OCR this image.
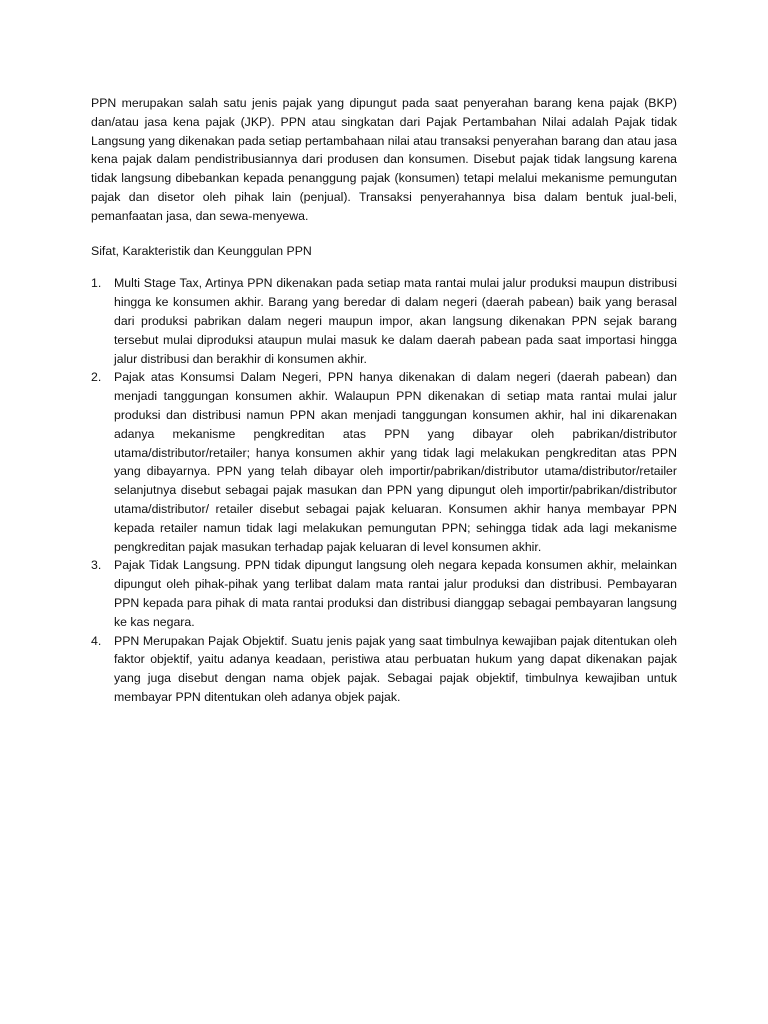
PPN merupakan salah satu jenis pajak yang dipungut pada saat penyerahan barang kena pajak (BKP) dan/atau jasa kena pajak (JKP). PPN atau singkatan dari Pajak Pertambahan Nilai adalah Pajak tidak Langsung yang dikenakan pada setiap pertambahaan nilai atau transaksi penyerahan barang dan atau jasa kena pajak dalam pendistribusiannya dari produsen dan konsumen. Disebut pajak tidak langsung karena tidak langsung dibebankan kepada penanggung pajak (konsumen) tetapi melalui mekanisme pemungutan pajak dan disetor oleh pihak lain (penjual). Transaksi penyerahannya bisa dalam bentuk jual-beli, pemanfaatan jasa, dan sewa-menyewa.

Sifat, Karakteristik dan Keunggulan PPN

1. Multi Stage Tax, Artinya PPN dikenakan pada setiap mata rantai mulai jalur produksi maupun distribusi hingga ke konsumen akhir. Barang yang beredar di dalam negeri (daerah pabean) baik yang berasal dari produksi pabrikan dalam negeri maupun impor, akan langsung dikenakan PPN sejak barang tersebut mulai diproduksi ataupun mulai masuk ke dalam daerah pabean pada saat importasi hingga jalur distribusi dan berakhir di konsumen akhir.
2. Pajak atas Konsumsi Dalam Negeri, PPN hanya dikenakan di dalam negeri (daerah pabean) dan menjadi tanggungan konsumen akhir. Walaupun PPN dikenakan di setiap mata rantai mulai jalur produksi dan distribusi namun PPN akan menjadi tanggungan konsumen akhir, hal ini dikarenakan adanya mekanisme pengkreditan atas PPN yang dibayar oleh pabrikan/distributor utama/distributor/retailer; hanya konsumen akhir yang tidak lagi melakukan pengkreditan atas PPN yang dibayarnya. PPN yang telah dibayar oleh importir/pabrikan/distributor utama/distributor/retailer selanjutnya disebut sebagai pajak masukan dan PPN yang dipungut oleh importir/pabrikan/distributor utama/distributor/ retailer disebut sebagai pajak keluaran. Konsumen akhir hanya membayar PPN kepada retailer namun tidak lagi melakukan pemungutan PPN; sehingga tidak ada lagi mekanisme pengkreditan pajak masukan terhadap pajak keluaran di level konsumen akhir.
3. Pajak Tidak Langsung. PPN tidak dipungut langsung oleh negara kepada konsumen akhir, melainkan dipungut oleh pihak-pihak yang terlibat dalam mata rantai jalur produksi dan distribusi. Pembayaran PPN kepada para pihak di mata rantai produksi dan distribusi dianggap sebagai pembayaran langsung ke kas negara.
4. PPN Merupakan Pajak Objektif. Suatu jenis pajak yang saat timbulnya kewajiban pajak ditentukan oleh faktor objektif, yaitu adanya keadaan, peristiwa atau perbuatan hukum yang dapat dikenakan pajak yang juga disebut dengan nama objek pajak. Sebagai pajak objektif, timbulnya kewajiban untuk membayar PPN ditentukan oleh adanya objek pajak.
